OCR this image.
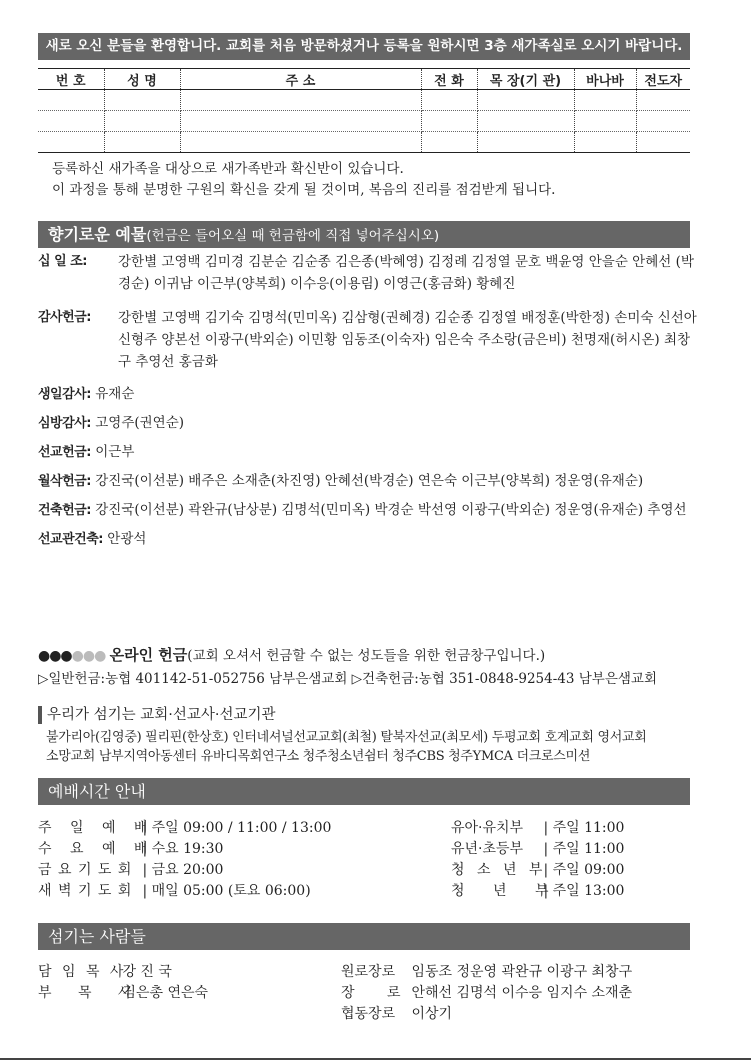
새로 오신 분들을 환영합니다. 교회를 처음 방문하셨거나 등록을 원하시면 3층 새가족실로 오시기 바랍니다.
번 호	성 명	주 소	전 화	목 장(기 관)	바나바	전도자

등록하신 새가족을 대상으로 새가족반과 확신반이 있습니다.
이 과정을 통해 분명한 구원의 확신을 갖게 될 것이며, 복음의 진리를 점검받게 됩니다.
향기로운 예물(헌금은 들어오실 때 헌금함에 직접 넣어주십시오)
십 일 조:	강한별 고영백 김미경 김분순 김순종 김은종(박혜영) 김정례 김정열 문호 백윤영 안을순 안혜선 (박경순) 이귀남 이근부(양복희) 이수응(이용림) 이영근(홍금화) 황혜진
감사헌금:	강한별 고영백 김기숙 김명석(민미옥) 김삼형(권혜경) 김순종 김정열 배정훈(박한정) 손미숙 신선아 신형주 양본선 이광구(박외순) 이민황 임동조(이숙자) 임은숙 주소랑(금은비) 천명재(허시온) 최창구 추영선 홍금화
생일감사: 유재순
심방감사: 고영주(권연순)
선교헌금: 이근부
월삭헌금: 강진국(이선분) 배주은 소재춘(차진영) 안혜선(박경순) 연은숙 이근부(양복희) 정운영(유재순)
건축헌금: 강진국(이선분) 곽완규(남상분) 김명석(민미옥) 박경순 박선영 이광구(박외순) 정운영(유재순) 추영선
선교관건축: 안광석
●●●●●● 온라인 헌금(교회 오셔서 헌금할 수 없는 성도들을 위한 헌금창구입니다.)
▷일반헌금:농협 401142-51-052756 남부은샘교회 ▷건축헌금:농협 351-0848-9254-43 남부은샘교회
우리가 섬기는 교회·선교사·선교기관
불가리아(김영중) 필리핀(한상호) 인터네셔널선교교회(최철) 탈북자선교(최모세) 두평교회 호계교회 영서교회
소망교회 남부지역아동센터 유바디목회연구소 청주청소년쉼터 청주CBS 청주YMCA 더크로스미션
예배시간 안내
주 일 예 배 | 주일 09:00 / 11:00 / 13:00
수 요 예 배 | 수요 19:30
금 요 기 도 회 | 금요 20:00
새 벽 기 도 회 | 매일 05:00 (토요 06:00)
유아·유치부 | 주일 11:00
유년·초등부 | 주일 11:00
청 소 년 부 | 주일 09:00
청 년 부 | 주일 13:00
섬기는 사람들
담 임 목 사 강 진 국
부 목 사 김은총 연은숙
원로장로 임동조 정운영 곽완규 이광구 최창구
장 로 안해선 김명석 이수응 임지수 소재춘
협동장로 이상기
